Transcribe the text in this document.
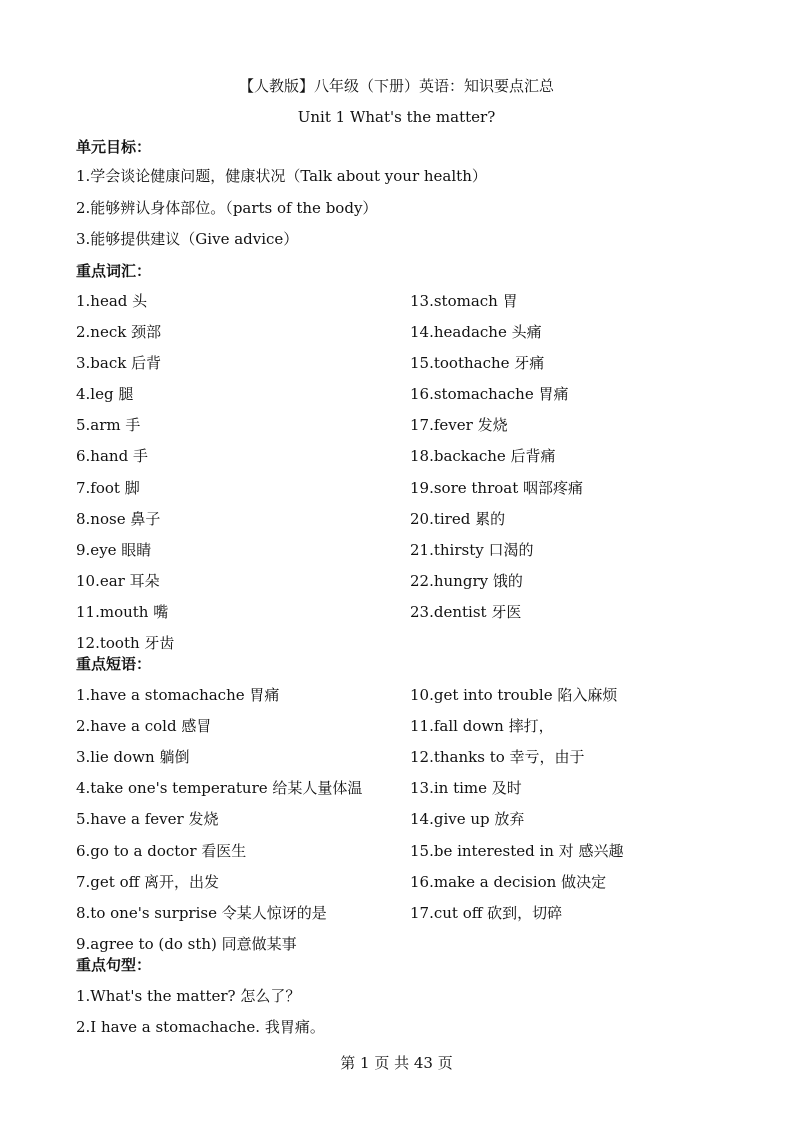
【人教版】八年级（下册）英语：知识要点汇总
Unit 1 What's the matter?
单元目标：
1.学会谈论健康问题，健康状况（Talk about your health）
2.能够辨认身体部位。（parts of the body）
3.能够提供建议（Give advice）
重点词汇：
1.head 头
2.neck 颈部
3.back 后背
4.leg 腿
5.arm 手
6.hand 手
7.foot 脚
8.nose 鼻子
9.eye 眼睛
10.ear 耳朵
11.mouth 嘴
12.tooth 牙齿
13.stomach 胃
14.headache 头痛
15.toothache 牙痛
16.stomachache 胃痛
17.fever 发烧
18.backache 后背痛
19.sore throat 咽部疼痛
20.tired 累的
21.thirsty 口渴的
22.hungry 饿的
23.dentist 牙医
重点短语：
1.have a stomachache 胃痛
2.have a cold 感冒
3.lie down 躺倒
4.take one's temperature 给某人量体温
5.have a fever 发烧
6.go to a doctor 看医生
7.get off 离开，出发
8.to one's surprise 令某人惊讶的是
9.agree to (do sth) 同意做某事
10.get into trouble 陷入麻烦
11.fall down 摔打，
12.thanks to 幸亏，由于
13.in time 及时
14.give up 放弃
15.be interested in 对 感兴趣
16.make a decision 做决定
17.cut off 砍到，切碎
重点句型：
1.What's the matter? 怎么了？
2.I have a stomachache. 我胃痛。
第 1 页 共 43 页
